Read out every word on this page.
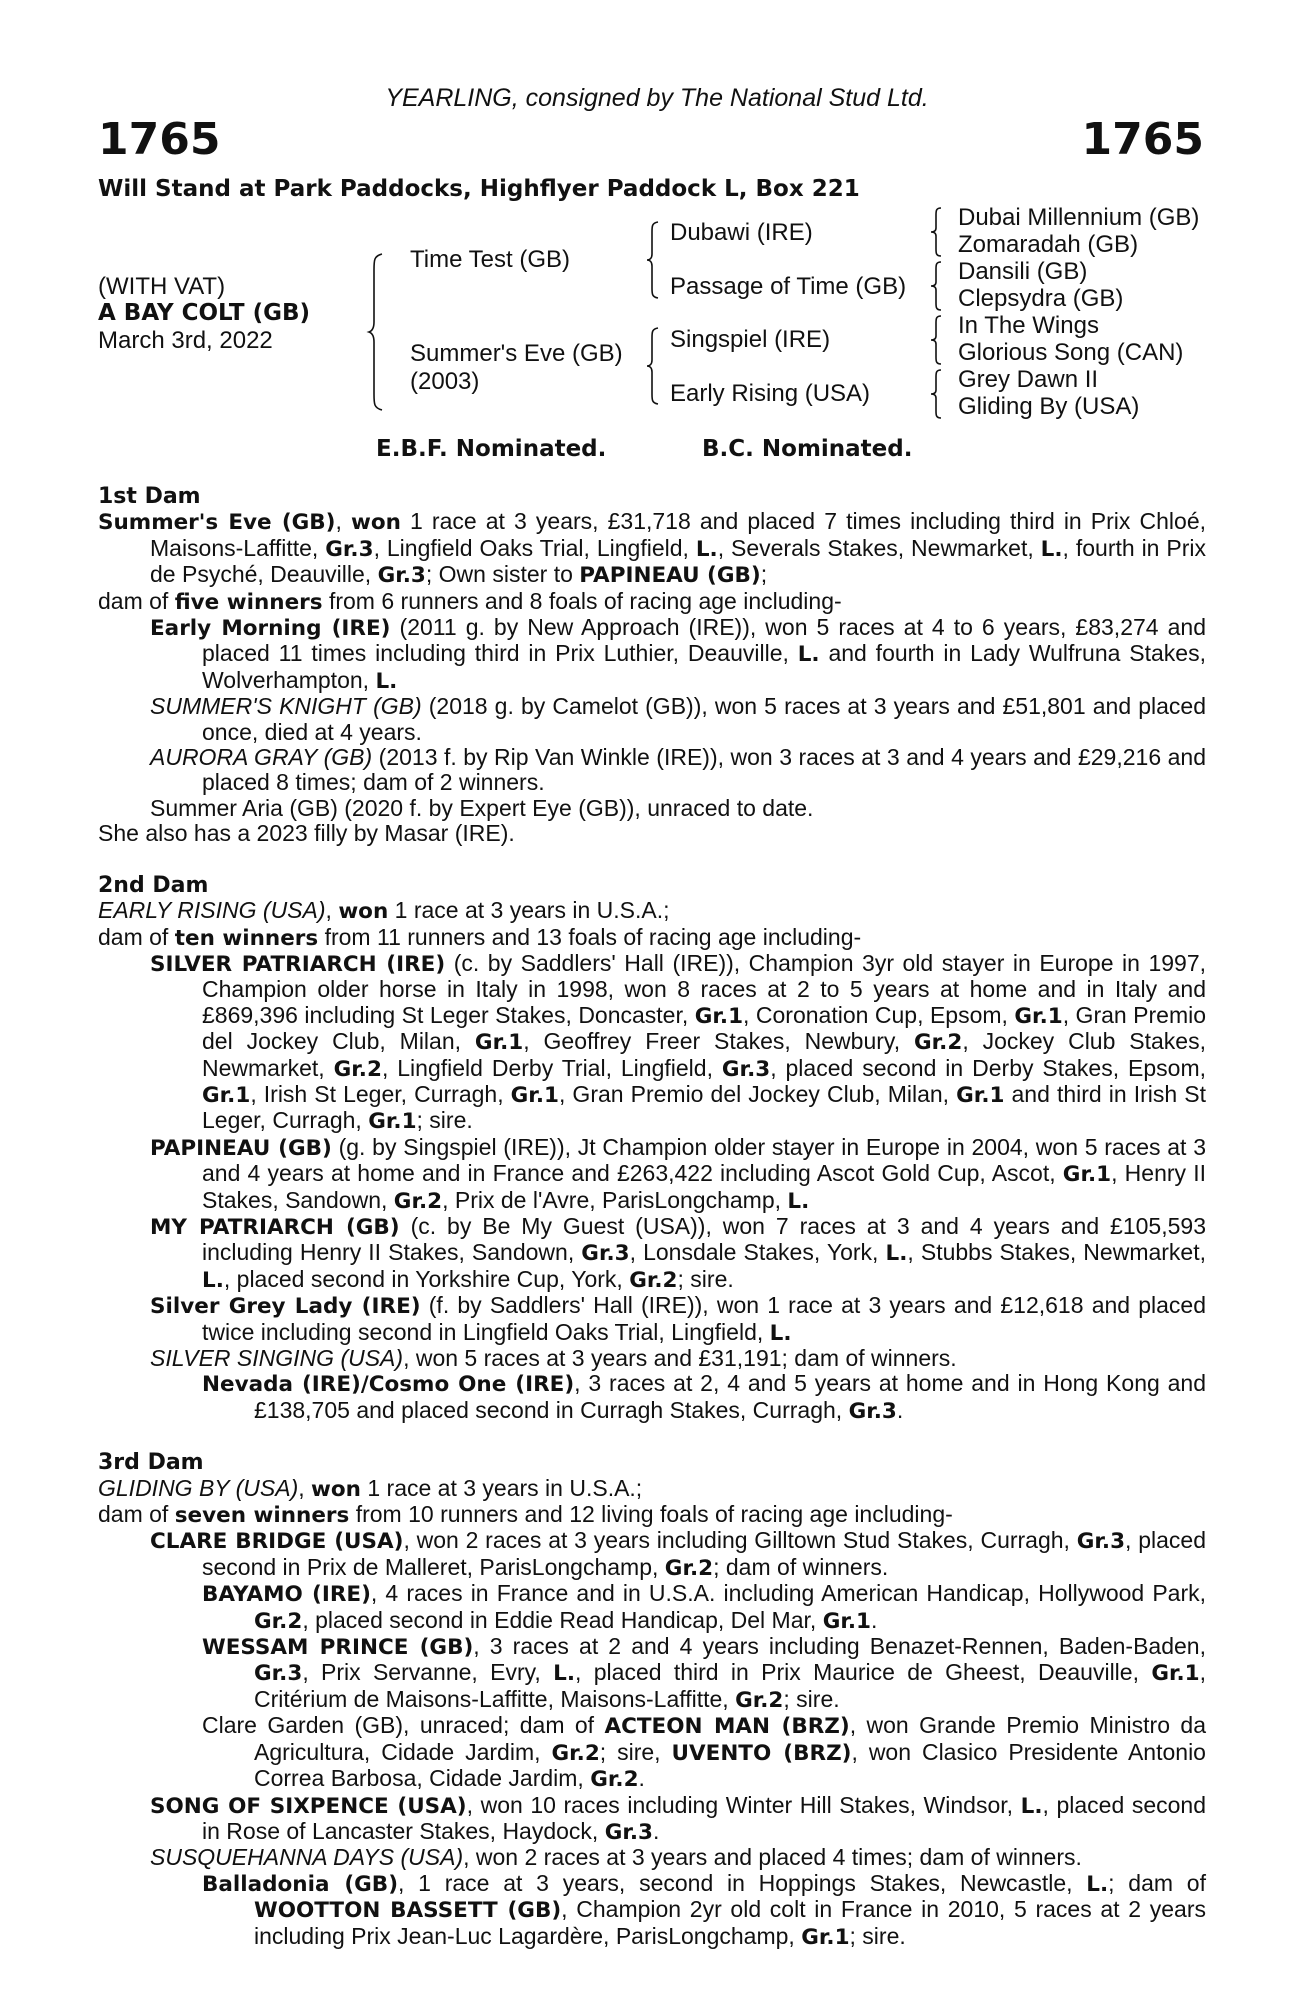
YEARLING, consigned by The National Stud Ltd.
1765	1765
Will Stand at Park Paddocks, Highflyer Paddock L, Box 221
(WITH VAT)
A BAY COLT (GB)
March 3rd, 2022
Time Test (GB)
Summer's Eve (GB)
(2003)
Dubawi (IRE)
Passage of Time (GB)
Singspiel (IRE)
Early Rising (USA)
Dubai Millennium (GB)
Zomaradah (GB)
Dansili (GB)
Clepsydra (GB)
In The Wings
Glorious Song (CAN)
Grey Dawn II
Gliding By (USA)
E.B.F. Nominated.	B.C. Nominated.
1st Dam
Summer's Eve (GB), won 1 race at 3 years, £31,718 and placed 7 times including third in Prix Chloé, Maisons-Laffitte, Gr.3, Lingfield Oaks Trial, Lingfield, L., Severals Stakes, Newmarket, L., fourth in Prix de Psyché, Deauville, Gr.3; Own sister to PAPINEAU (GB);
dam of five winners from 6 runners and 8 foals of racing age including-
Early Morning (IRE) (2011 g. by New Approach (IRE)), won 5 races at 4 to 6 years, £83,274 and placed 11 times including third in Prix Luthier, Deauville, L. and fourth in Lady Wulfruna Stakes, Wolverhampton, L.
SUMMER'S KNIGHT (GB) (2018 g. by Camelot (GB)), won 5 races at 3 years and £51,801 and placed once, died at 4 years.
AURORA GRAY (GB) (2013 f. by Rip Van Winkle (IRE)), won 3 races at 3 and 4 years and £29,216 and placed 8 times; dam of 2 winners.
Summer Aria (GB) (2020 f. by Expert Eye (GB)), unraced to date.
She also has a 2023 filly by Masar (IRE).
2nd Dam
EARLY RISING (USA), won 1 race at 3 years in U.S.A.;
dam of ten winners from 11 runners and 13 foals of racing age including-
SILVER PATRIARCH (IRE) (c. by Saddlers' Hall (IRE)), Champion 3yr old stayer in Europe in 1997, Champion older horse in Italy in 1998, won 8 races at 2 to 5 years at home and in Italy and £869,396 including St Leger Stakes, Doncaster, Gr.1, Coronation Cup, Epsom, Gr.1, Gran Premio del Jockey Club, Milan, Gr.1, Geoffrey Freer Stakes, Newbury, Gr.2, Jockey Club Stakes, Newmarket, Gr.2, Lingfield Derby Trial, Lingfield, Gr.3, placed second in Derby Stakes, Epsom, Gr.1, Irish St Leger, Curragh, Gr.1, Gran Premio del Jockey Club, Milan, Gr.1 and third in Irish St Leger, Curragh, Gr.1; sire.
PAPINEAU (GB) (g. by Singspiel (IRE)), Jt Champion older stayer in Europe in 2004, won 5 races at 3 and 4 years at home and in France and £263,422 including Ascot Gold Cup, Ascot, Gr.1, Henry II Stakes, Sandown, Gr.2, Prix de l'Avre, ParisLongchamp, L.
MY PATRIARCH (GB) (c. by Be My Guest (USA)), won 7 races at 3 and 4 years and £105,593 including Henry II Stakes, Sandown, Gr.3, Lonsdale Stakes, York, L., Stubbs Stakes, Newmarket, L., placed second in Yorkshire Cup, York, Gr.2; sire.
Silver Grey Lady (IRE) (f. by Saddlers' Hall (IRE)), won 1 race at 3 years and £12,618 and placed twice including second in Lingfield Oaks Trial, Lingfield, L.
SILVER SINGING (USA), won 5 races at 3 years and £31,191; dam of winners.
Nevada (IRE)/Cosmo One (IRE), 3 races at 2, 4 and 5 years at home and in Hong Kong and £138,705 and placed second in Curragh Stakes, Curragh, Gr.3.
3rd Dam
GLIDING BY (USA), won 1 race at 3 years in U.S.A.;
dam of seven winners from 10 runners and 12 living foals of racing age including-
CLARE BRIDGE (USA), won 2 races at 3 years including Gilltown Stud Stakes, Curragh, Gr.3, placed second in Prix de Malleret, ParisLongchamp, Gr.2; dam of winners.
BAYAMO (IRE), 4 races in France and in U.S.A. including American Handicap, Hollywood Park, Gr.2, placed second in Eddie Read Handicap, Del Mar, Gr.1.
WESSAM PRINCE (GB), 3 races at 2 and 4 years including Benazet-Rennen, Baden-Baden, Gr.3, Prix Servanne, Evry, L., placed third in Prix Maurice de Gheest, Deauville, Gr.1, Critérium de Maisons-Laffitte, Maisons-Laffitte, Gr.2; sire.
Clare Garden (GB), unraced; dam of ACTEON MAN (BRZ), won Grande Premio Ministro da Agricultura, Cidade Jardim, Gr.2; sire, UVENTO (BRZ), won Clasico Presidente Antonio Correa Barbosa, Cidade Jardim, Gr.2.
SONG OF SIXPENCE (USA), won 10 races including Winter Hill Stakes, Windsor, L., placed second in Rose of Lancaster Stakes, Haydock, Gr.3.
SUSQUEHANNA DAYS (USA), won 2 races at 3 years and placed 4 times; dam of winners.
Balladonia (GB), 1 race at 3 years, second in Hoppings Stakes, Newcastle, L.; dam of WOOTTON BASSETT (GB), Champion 2yr old colt in France in 2010, 5 races at 2 years including Prix Jean-Luc Lagardère, ParisLongchamp, Gr.1; sire.
